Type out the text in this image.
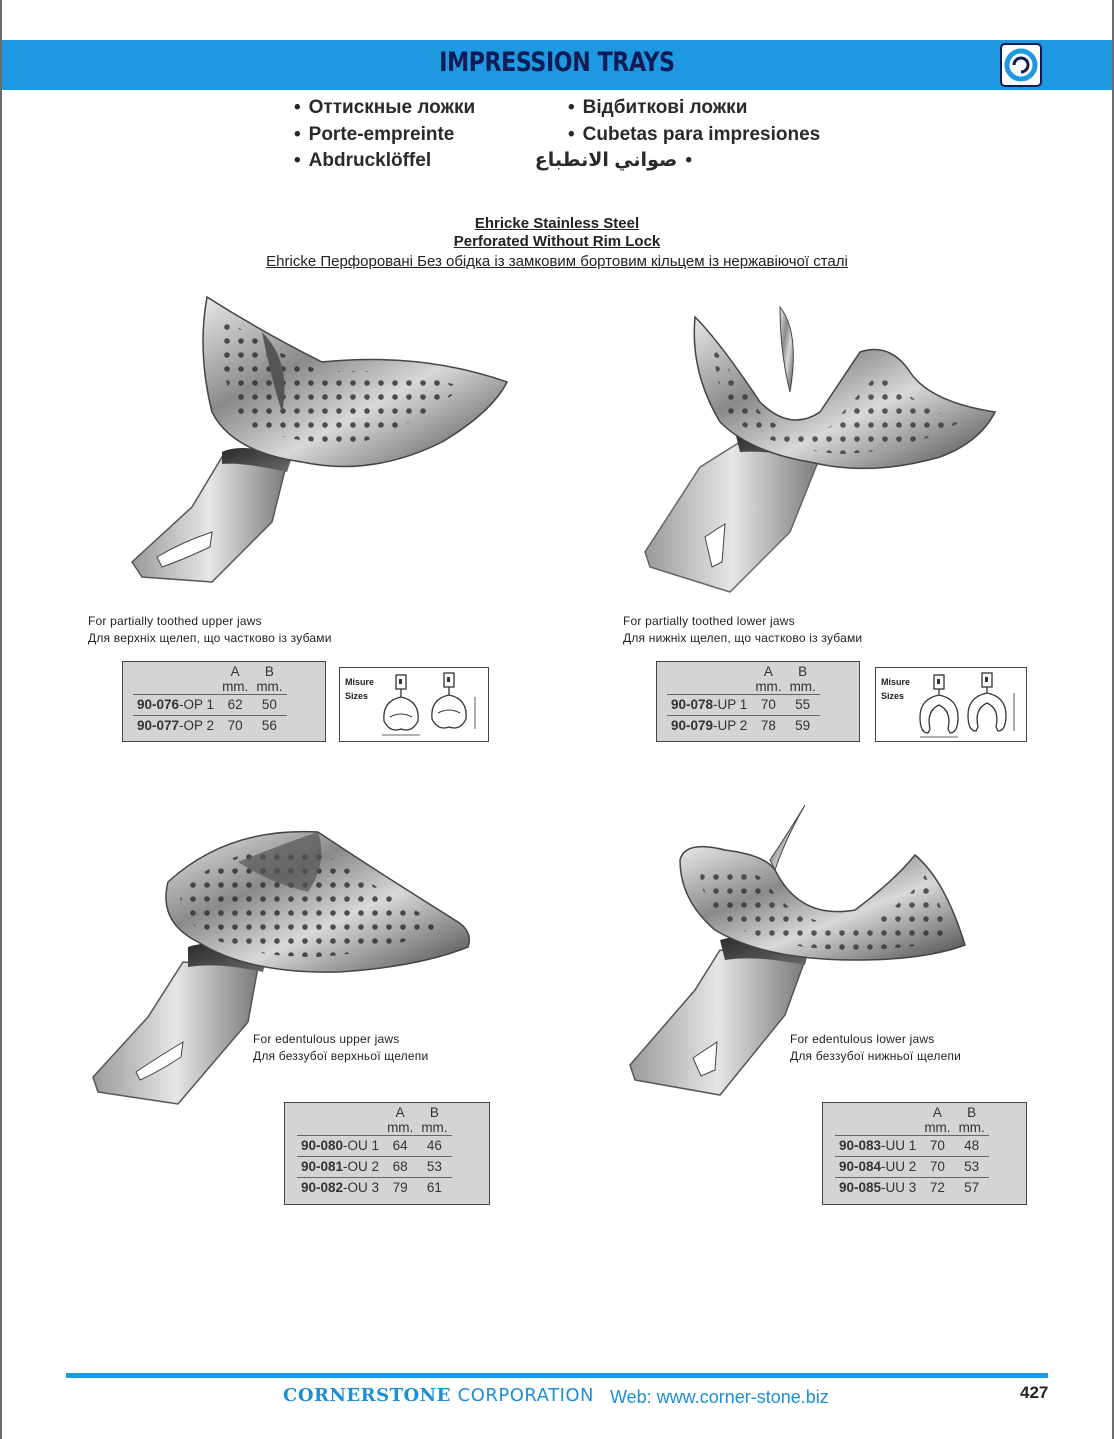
IMPRESSION TRAYS
• Оттискные ложки
• Porte-empreinte
• Abdrucklöffel
• Відбиткові ложки
• Cubetas para impresiones
• صواني الانطباع
Ehricke Stainless Steel
Perforated Without Rim Lock
Ehricke Перфоровані Без обідка із замковим бортовим кільцем із нержавіючої сталі
For partially toothed upper jaws
Для верхніх щелеп, що частково із зубами
For partially toothed lower jaws
Для нижніх щелеп, що частково із зубами
	A	B
	mm.	mm.
90-076-OP 1	62	50
90-077-OP 2	70	56
Misure
Sizes
	A	B
	mm.	mm.
90-078-UP 1	70	55
90-079-UP 2	78	59
Misure
Sizes
For edentulous upper jaws
Для беззубої верхньої щелепи
For edentulous lower jaws
Для беззубої нижньої щелепи
	A	B
	mm.	mm.
90-080-OU 1	64	46
90-081-OU 2	68	53
90-082-OU 3	79	61
	A	B
	mm.	mm.
90-083-UU 1	70	48
90-084-UU 2	70	53
90-085-UU 3	72	57
CORNERSTONE CORPORATION Web: www.corner-stone.biz	427
